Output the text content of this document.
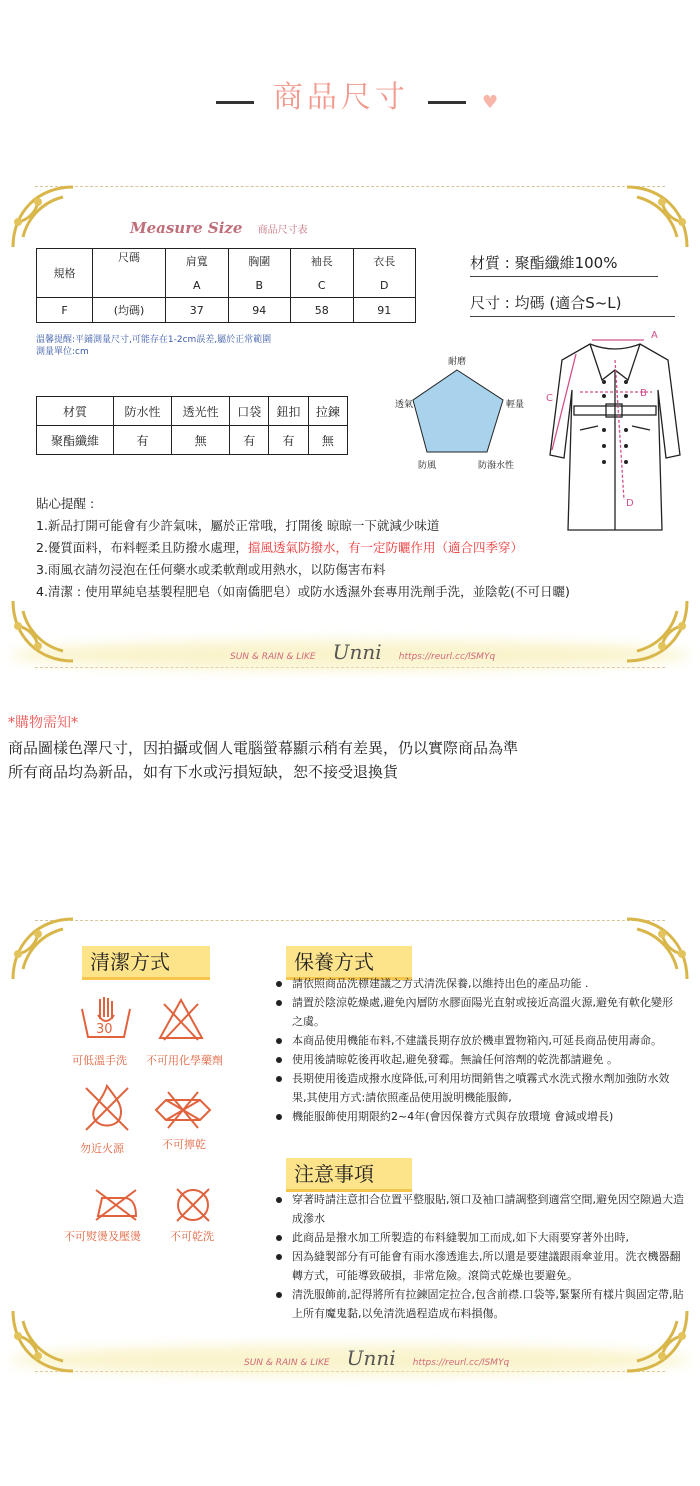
商品尺寸	♥
Measure Size 商品尺寸表
規格	尺碼	肩寬	胸圍	袖長	衣長
		A	B	C	D
F	(均碼)	37	94	58	91
溫馨提醒:平鋪測量尺寸,可能存在1-2cm誤差,屬於正常範圍
測量單位:cm
材質 : 聚酯纖維100%
尺寸 : 均碼 (適合S~L)
材質	防水性	透光性	口袋	鈕扣	拉鍊
聚酯纖維	有	無	有	有	無
耐磨
透氣	輕量
防風	防潑水性
A
B
C
D
貼心提醒 :
1.新品打開可能會有少許氣味，屬於正常哦，打開後 晾晾一下就減少味道
2.優質面料，布料輕柔且防撥水處理，擋風透氣防撥水，有一定防曬作用（適合四季穿）
3.雨風衣請勿浸泡在任何藥水或柔軟劑或用熱水，以防傷害布料
4.清潔 : 使用單純皂基製程肥皂（如南僑肥皂）或防水透濕外套專用洗劑手洗，並陰乾(不可日曬)
SUN & RAIN & LIKE Unni https://reurl.cc/lSMYq
*購物需知*
商品圖樣色澤尺寸，因拍攝或個人電腦螢幕顯示稍有差異，仍以實際商品為準
所有商品均為新品，如有下水或污損短缺，恕不接受退換貨
清潔方式
30
可低溫手洗 不可用化學藥劑
勿近火源	不可擰乾
不可熨燙及壓燙	不可乾洗
保養方式
請依照商品洗標建議之方式清洗保養,以維持出色的產品功能 .
請置於陰涼乾燥處,避免內層防水膠面陽光直射或接近高溫火源,避免有軟化變形之虞。
本商品使用機能布料,不建議長期存放於機車置物箱內,可延長商品使用壽命。
使用後請晾乾後再收起,避免發霉。無論任何溶劑的乾洗都請避免 。
長期使用後造成撥水度降低,可利用坊間銷售之噴霧式水洗式撥水劑加強防水效果,其使用方式:請依照產品使用說明機能服飾,
機能服飾使用期限約2~4年(會因保養方式與存放環境 會減或增長)
注意事項
穿著時請注意扣合位置平整服貼,領口及袖口請調整到適當空間,避免因空隙過大造成滲水
此商品是撥水加工所製造的布料縫製加工而成,如下大雨要穿著外出時,
因為縫製部分有可能會有雨水滲透進去,所以還是要建議跟雨傘並用。洗衣機器翻轉方式，可能導致破損，非常危險。滾筒式乾燥也要避免。
清洗服飾前,記得將所有拉鍊固定拉合,包含前襟.口袋等,緊緊所有樣片與固定帶,貼上所有魔鬼黏,以免清洗過程造成布料損傷。
SUN & RAIN & LIKE Unni https://reurl.cc/lSMYq
